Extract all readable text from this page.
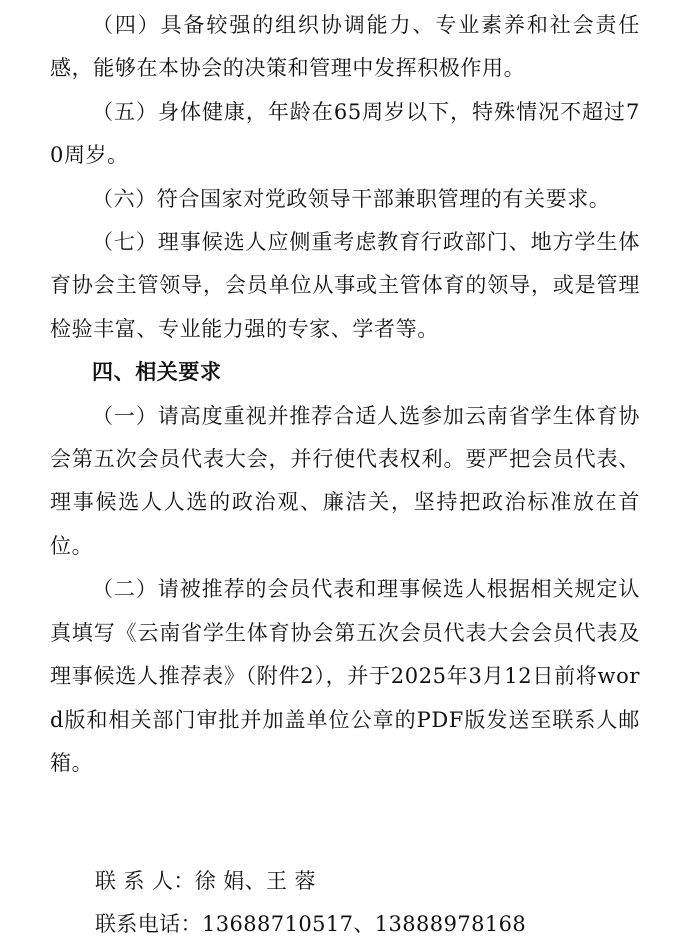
（四）具备较强的组织协调能力、专业素养和社会责任感，能够在本协会的决策和管理中发挥积极作用。

（五）身体健康，年龄在65周岁以下，特殊情况不超过70周岁。

（六）符合国家对党政领导干部兼职管理的有关要求。

（七）理事候选人应侧重考虑教育行政部门、地方学生体育协会主管领导，会员单位从事或主管体育的领导，或是管理检验丰富、专业能力强的专家、学者等。

四、相关要求

（一）请高度重视并推荐合适人选参加云南省学生体育协会第五次会员代表大会，并行使代表权利。要严把会员代表、理事候选人人选的政治观、廉洁关，坚持把政治标准放在首位。

（二）请被推荐的会员代表和理事候选人根据相关规定认真填写《云南省学生体育协会第五次会员代表大会会员代表及理事候选人推荐表》（附件2），并于2025年3月12日前将word版和相关部门审批并加盖单位公章的PDF版发送至联系人邮箱。

联 系 人：徐 娟、王 蓉

联系电话：13688710517、13888978168
